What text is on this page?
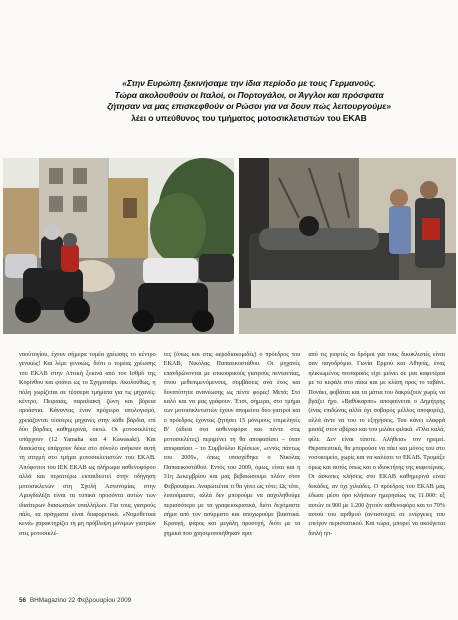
«Στην Ευρώπη ξεκινήσαμε την ίδια περίοδο με τους Γερμανούς.
Τώρα ακολουθούν οι Ιταλοί, οι Πορτογάλοι, οι Άγγλοι και πρόσφατα
ζήτησαν να μας επισκεφθούν οι Ρώσοι για να δουν πώς λειτουργούμε»
λέει ο υπεύθυνος του τμήματος μοτοσικλετιστών του ΕΚΑΒ
ναούτογίου, έχουν σήμερα τομέα χρέωσης το κέντρο γενικώς! Και λέμε γενικώς, διότι ο τομέας χρέωσης του ΕΚΑΒ στην Αττική ξεκινά από τον Ισθμό της Κορίνθου και φτάνει ως το Σχηματάρι. Ακολούθως, η πόλη χωρίζεται σε τέσσερα τμήματα για τις μηχανές: κέντρο, Πειραιάς, παραλιακή ζώνη και βόρεια προάστια. Κάνοντας έναν πρόχειρο υπολογισμό, χρειάζονται τέσσερις μηχανές στην κάθε βάρδια, επί δύο βάρδιες καθημερινά, οκτώ. Οι μοτοσικλέτες υπάρχουν (12 Yamaha και 4 Kawasaki). Και διασώστες υπάρχουν δέκα στο σύνολο ανήκουν αυτή τη στιγμή στο τμήμα μοτοσικλετιστών του ΕΚΑΒ. Απόφοιτοι του ΙΕΚ ΕΚΑΒ ως πλήρωμα ασθενοφόρου αλλά και περαιτέρω εκπαιδευτεί στην οδήγηση μοτοσικλετών στη Σχολή Αστυνομίας στην Αμυγδαλέζα είναι τα τυπικά προσόντα αυτών των ιδιαίτερων διασωστών υπαλλήλων. Για τους γιατρούς πάλι, τα πράγματα είναι διαφορετικά. «Νομοθετικά κενά» χαρακτηρίζει τη μη πρόβλεψη μόνιμων γιατρών στις μοτοσικλέ-
τες (όπως και στις αεροδιακομιδές) ο πρόεδρος του ΕΚΑΒ, Νικόλας Παπαεικοστάθου. Οι μηχανές επανδρώνονται με επικουρικούς γιατρούς πενταετίας, όπου μεθεπιμενόμενους, συμβάσεις ανά έτος και δυνατότητα ανανέωσης ως πέντε φορές! Μετά; Στο καλό και να μας γράφουν. Έτσι, σήμερα, στο τμήμα των μοτοσικλετιστών έχουν απομείνει δύο γιατροί και ο πρόεδρος έχοντας ζητήσει 15 μόνιμους επιμελητές Β' (άδεια στα ασθενοφόρα και πέντε στις μοτοσικλέτες) περιμένει τη θα αποφασίσει – όταν αποφασίσει – το Συμβούλιο Κρίσεων, «εντός πάντως του 2009», όπως υποσχέθηκε ο Νικόλας Παπαεικοστάθου. Εντός του 2009, όμως, είναι και η 31η Δεκεμβρίου και μας βεβαιώσουμε πλέον στον Φεβρουάριο. Αναρωτιέται τι θα γίνει ως τότε; Ως τότε, λυπούμαστε, αλλά δεν μπορούμε να ασχοληθούμε περισσότερο με τα γραφειοκρατικά, διότι δεχόμαστε σήμα από τον ασύρματο και αποχωρούμε βιαστικά. Κραυγή, φάρος και μεγάλη προσοχή, διότι με τα χημικά που χρησιμοποιήθηκαν πριν
από τις γιορτές οι δρόμοι για τους δικυκλιστές είναι σαν παγοδρόμιο. Γωνία Ερμού και Αθηνάς, ένας ηλικιωμένος πιτσαρικός είχε μείνει σε μια καφετέρια με το κεφάλι στο πίσω και με κλίση προς το ταβάνι. Πονάει, φοβάται και τα μάτια του δακρύζουν χωρίς να βγάζει ήχο. «Βαθύκαρπο» αποφαίνεται ο Δημήτρης (ένας επιδώνας αλλά όχι σοβαρός μέλλος αποφορές), αλλά άντε να του το εξηγήσεις. Του κάνει ελαφρά μασάζ στον σβέρκο και του μιλάει φιλικά. «Όλα καλά, φίλε. Δεν είναι τίποτε. Αλήθεια» τον ηρεμεί. Θεραπευτικά, θα μπορούσε να πάει και μόνος του στο νοσοκομείο, χωρίς και να καλέσει το ΕΚΑΒ. Τρομάξε όμως και αυτός όπως και ο ιδιοκτήτης της καφετέριας. Οι άσκοπες κλήσεις στο ΕΚΑΒ καθημερινά είναι δεκάδες, αν όχι χιλιάδες. Ο πρόεδρος του ΕΚΑΒ μας έδωσε μέσο όρο κλήσεων ημερησίως τις 11.000: εξ αυτών οι 900 με 1.200 ζητούν ασθενοφόρο και το 70% αυτού του αριθμού (αντιστοιχεί σε ενέργειες του επείγον περιστατικού. Και τώρα, μπορεί να ακούγεται διπλή ηπ-
56 BHMagazino 22 Φεβρουαρίου 2009
